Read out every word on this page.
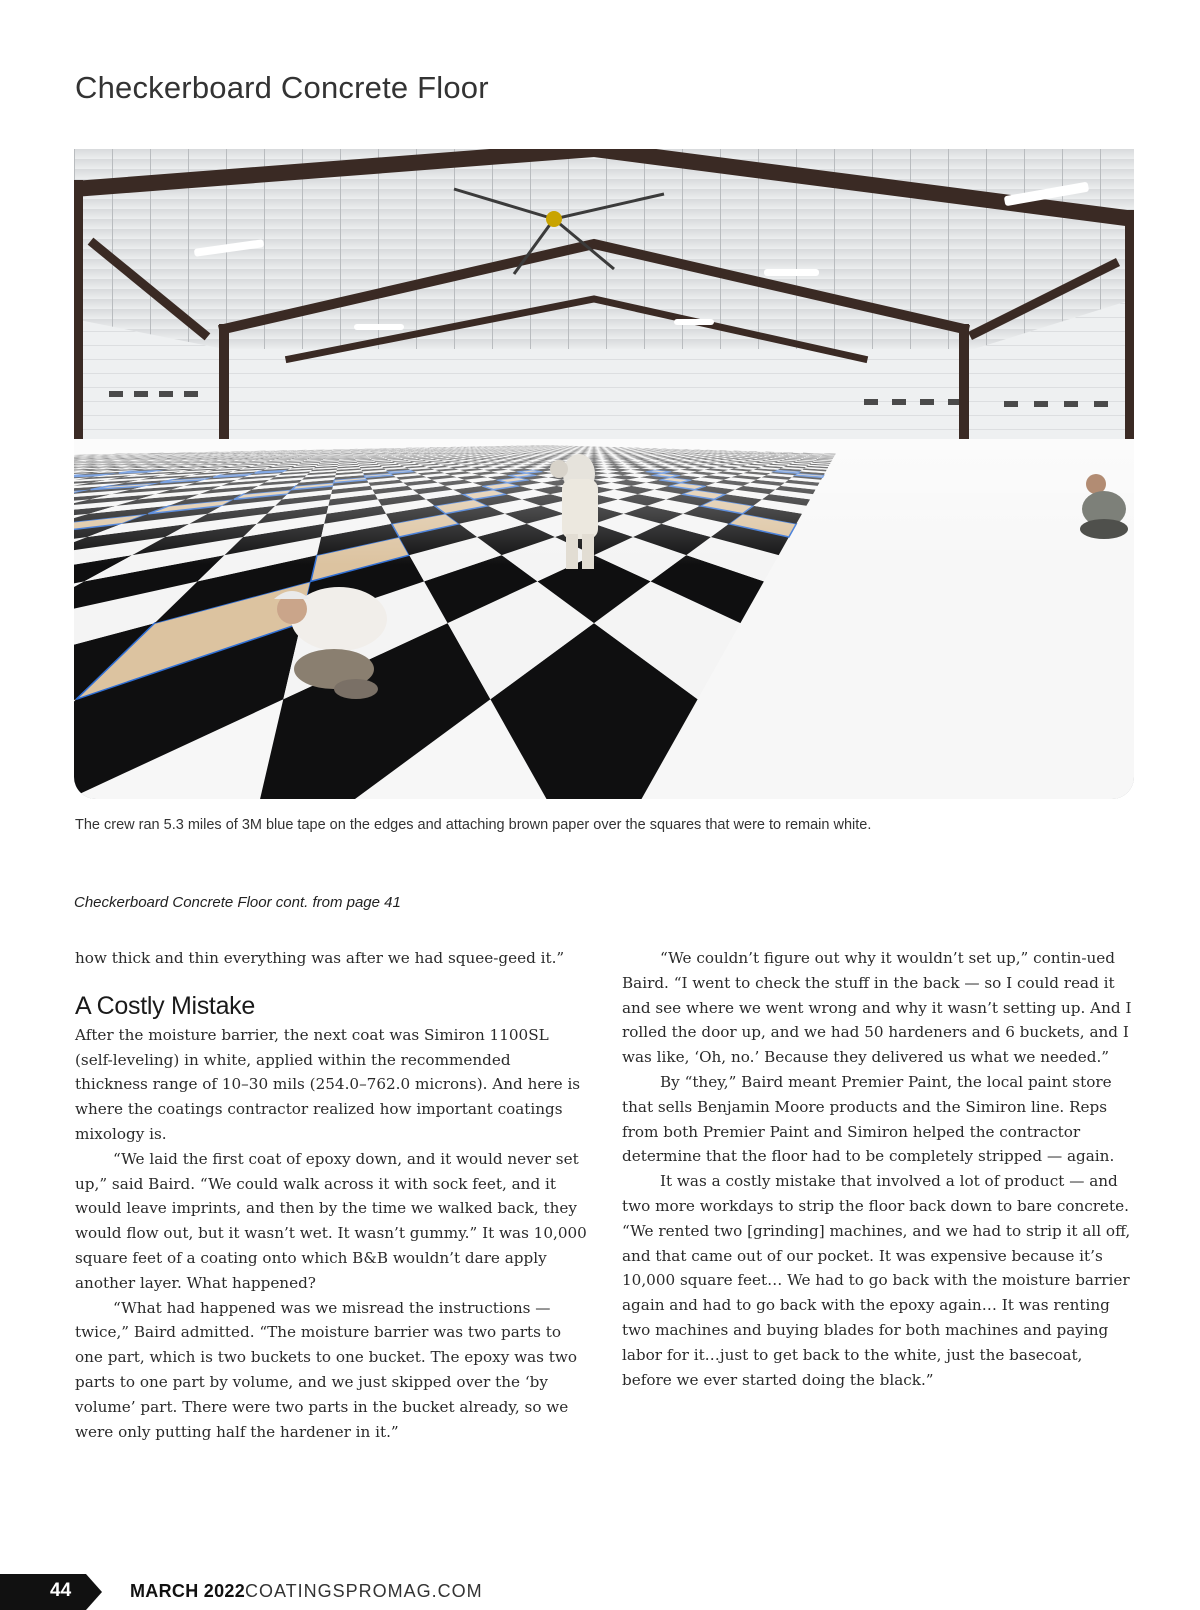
Checkerboard Concrete Floor
The crew ran 5.3 miles of 3M blue tape on the edges and attaching brown paper over the squares that were to remain white.
Checkerboard Concrete Floor cont. from page 41

how thick and thin everything was after we had squee-geed it.”

A Costly Mistake

After the moisture barrier, the next coat was Simiron 1100SL (self-leveling) in white, applied within the recommended thickness range of 10–30 mils (254.0–762.0 microns). And here is where the coatings contractor realized how important coatings mixology is.

“We laid the first coat of epoxy down, and it would never set up,” said Baird. “We could walk across it with sock feet, and it would leave imprints, and then by the time we walked back, they would flow out, but it wasn’t wet. It wasn’t gummy.” It was 10,000 square feet of a coating onto which B&B wouldn’t dare apply another layer. What happened?

“What had happened was we misread the instructions — twice,” Baird admitted. “The moisture barrier was two parts to one part, which is two buckets to one bucket. The epoxy was two parts to one part by volume, and we just skipped over the ‘by volume’ part. There were two parts in the bucket already, so we were only putting half the hardener in it.”

“We couldn’t figure out why it wouldn’t set up,” contin-ued Baird. “I went to check the stuff in the back — so I could read it and see where we went wrong and why it wasn’t setting up. And I rolled the door up, and we had 50 hardeners and 6 buckets, and I was like, ‘Oh, no.’ Because they delivered us what we needed.”

By “they,” Baird meant Premier Paint, the local paint store that sells Benjamin Moore products and the Simiron line. Reps from both Premier Paint and Simiron helped the contractor determine that the floor had to be completely stripped — again.

It was a costly mistake that involved a lot of product — and two more workdays to strip the floor back down to bare concrete. “We rented two [grinding] machines, and we had to strip it all off, and that came out of our pocket. It was expensive because it’s 10,000 square feet… We had to go back with the moisture barrier again and had to go back with the epoxy again… It was renting two machines and buying blades for both machines and paying labor for it…just to get back to the white, just the basecoat, before we ever started doing the black.”

44	MARCH 2022 COATINGSPROMAG.COM
